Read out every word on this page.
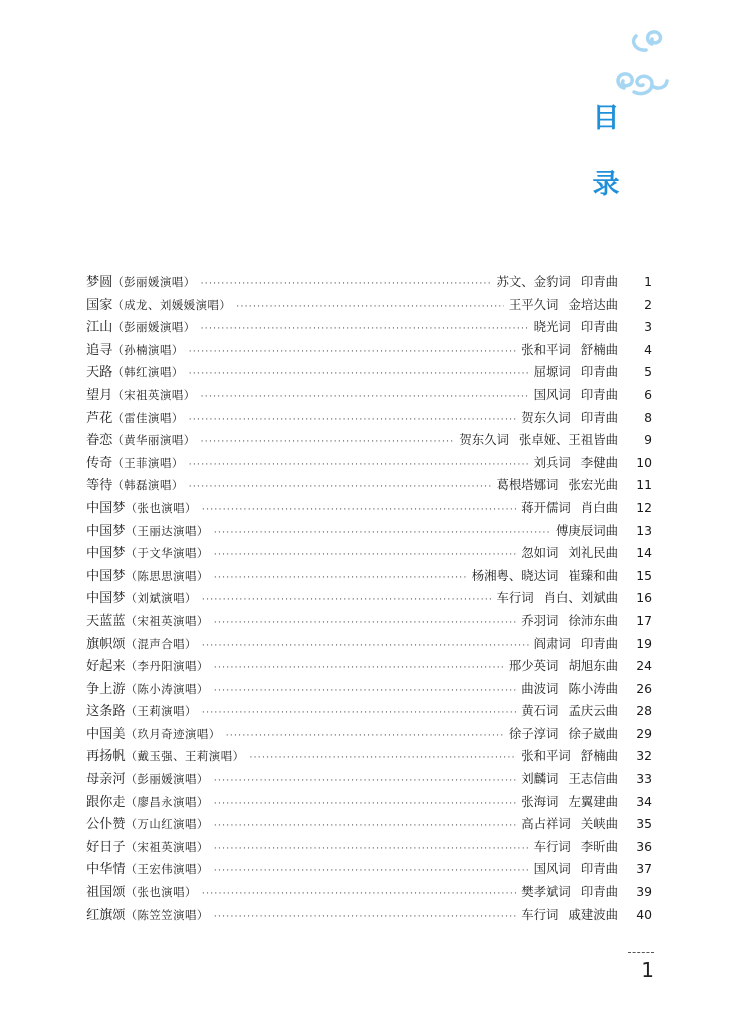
目
录
梦圆 （彭丽媛演唱） ·····	苏文、金豹词 印青曲	1
国家 （成龙、刘媛媛演唱） ·····	王平久词 金培达曲	2
江山 （彭丽媛演唱） ·····	晓光词 印青曲	3
追寻 （孙楠演唱） ·····	张和平词 舒楠曲	4
天路 （韩红演唱） ·····	屈塬词 印青曲	5
望月 （宋祖英演唱） ·····	国风词 印青曲	6
芦花 （雷佳演唱） ·····	贺东久词 印青曲	8
眷恋 （黄华丽演唱） ·····	贺东久词 张卓娅、王祖皆曲	9
传奇 （王菲演唱） ·····	刘兵词 李健曲	10
等待 （韩磊演唱） ·····	葛根塔娜词 张宏光曲	11
中国梦 （张也演唱） ·····	蒋开儒词 肖白曲	12
中国梦 （王丽达演唱） ·····	傅庚辰词曲	13
中国梦 （于文华演唱） ·····	忽如词 刘礼民曲	14
中国梦 （陈思思演唱） ·····	杨湘粤、晓达词 崔臻和曲	15
中国梦 （刘斌演唱） ·····	车行词 肖白、刘斌曲	16
天蓝蓝 （宋祖英演唱） ·····	乔羽词 徐沛东曲	17
旗帜颂 （混声合唱） ·····	阎肃词 印青曲	19
好起来 （李丹阳演唱） ·····	邢少英词 胡旭东曲	24
争上游 （陈小涛演唱） ·····	曲波词 陈小涛曲	26
这条路 （王莉演唱） ·····	黄石词 孟庆云曲	28
中国美 （玖月奇迹演唱） ·····	徐子淳词 徐子崴曲	29
再扬帆 （戴玉强、王莉演唱） ·····	张和平词 舒楠曲	32
母亲河 （彭丽媛演唱） ·····	刘麟词 王志信曲	33
跟你走 （廖昌永演唱） ·····	张海词 左翼建曲	34
公仆赞 （万山红演唱） ·····	高占祥词 关峡曲	35
好日子 （宋祖英演唱） ·····	车行词 李昕曲	36
中华情 （王宏伟演唱） ·····	国风词 印青曲	37
祖国颂 （张也演唱） ·····	樊孝斌词 印青曲	39
红旗颂 （陈笠笠演唱） ·····	车行词 戚建波曲	40
1
